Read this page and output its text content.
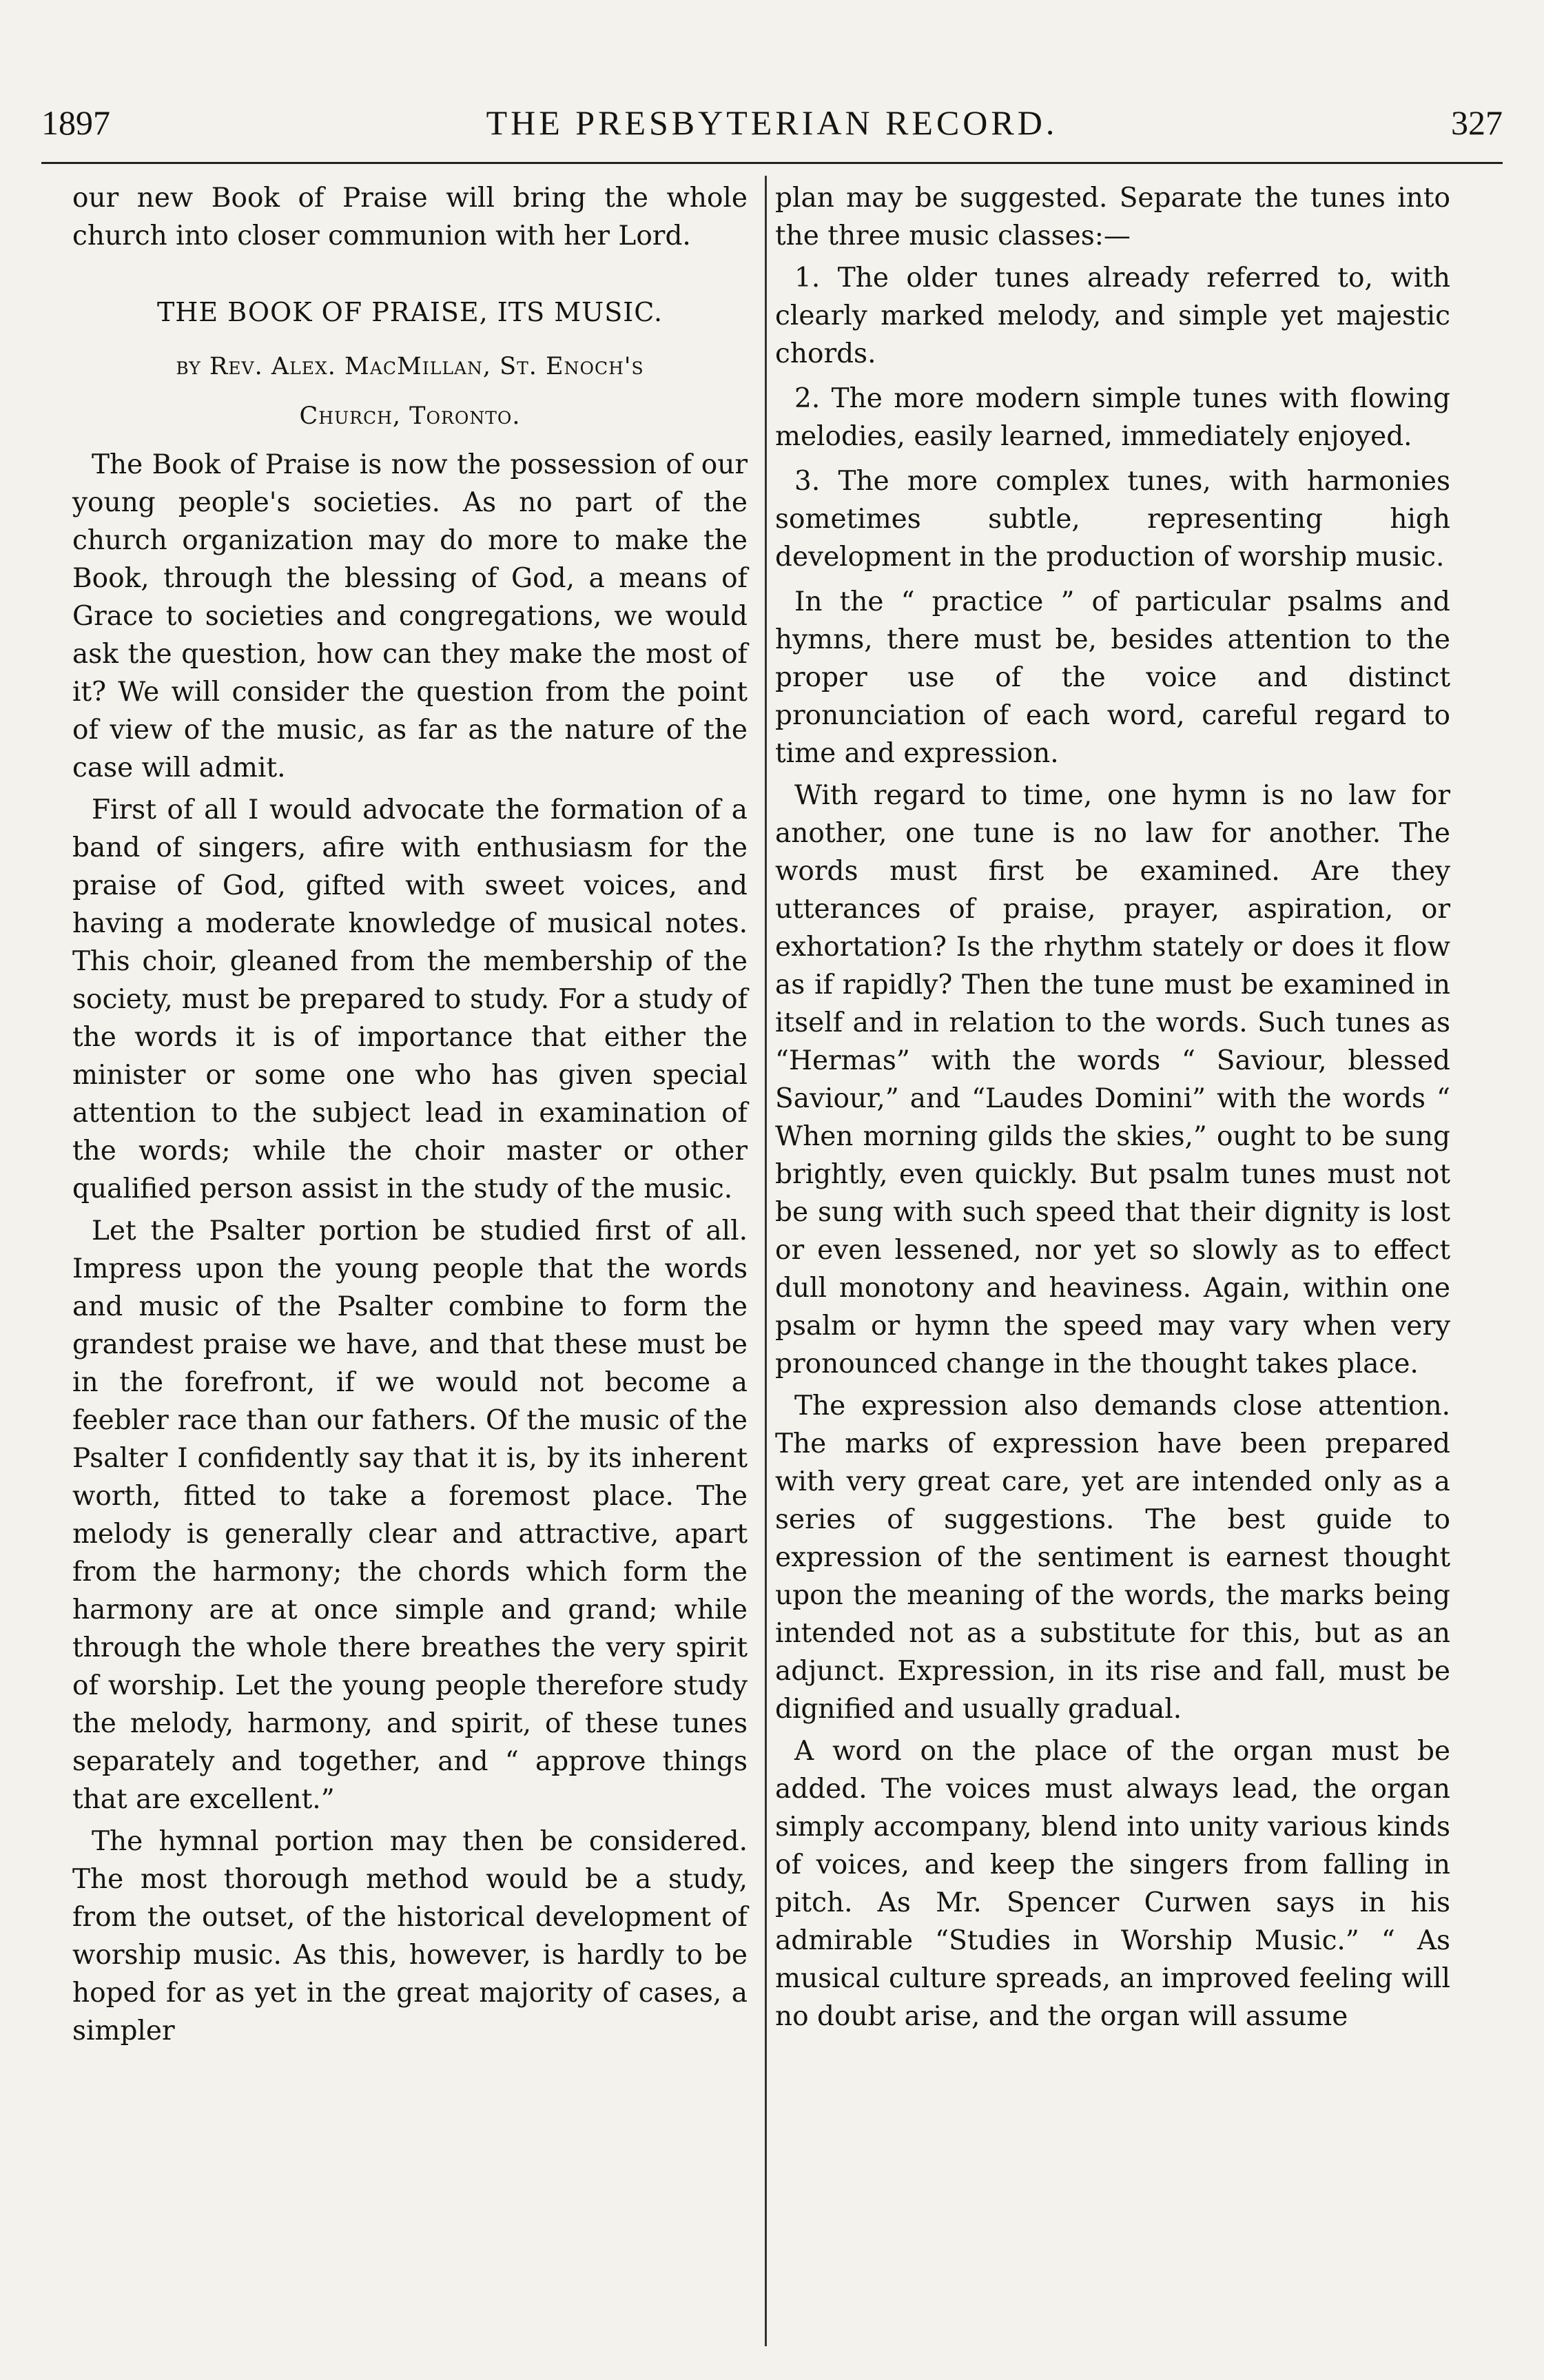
1897	THE PRESBYTERIAN RECORD.	327

our new Book of Praise will bring the whole church into closer communion with her Lord.

THE BOOK OF PRAISE, ITS MUSIC.
by Rev. Alex. MacMillan, St. Enoch's
Church, Toronto.

The Book of Praise is now the possession of our young people's societies. As no part of the church organization may do more to make the Book, through the blessing of God, a means of Grace to societies and congregations, we would ask the question, how can they make the most of it? We will consider the question from the point of view of the music, as far as the nature of the case will admit.

First of all I would advocate the formation of a band of singers, afire with enthusiasm for the praise of God, gifted with sweet voices, and having a moderate knowledge of musical notes. This choir, gleaned from the membership of the society, must be prepared to study. For a study of the words it is of importance that either the minister or some one who has given special attention to the subject lead in examination of the words; while the choir master or other qualified person assist in the study of the music.

Let the Psalter portion be studied first of all. Impress upon the young people that the words and music of the Psalter combine to form the grandest praise we have, and that these must be in the forefront, if we would not become a feebler race than our fathers. Of the music of the Psalter I confidently say that it is, by its inherent worth, fitted to take a foremost place. The melody is generally clear and attractive, apart from the harmony; the chords which form the harmony are at once simple and grand; while through the whole there breathes the very spirit of worship. Let the young people therefore study the melody, harmony, and spirit, of these tunes separately and together, and “ approve things that are excellent.”

The hymnal portion may then be considered. The most thorough method would be a study, from the outset, of the historical development of worship music. As this, however, is hardly to be hoped for as yet in the great majority of cases, a simpler

plan may be suggested. Separate the tunes into the three music classes:—

1. The older tunes already referred to, with clearly marked melody, and simple yet majestic chords.
2. The more modern simple tunes with flowing melodies, easily learned, immediately enjoyed.
3. The more complex tunes, with harmonies sometimes subtle, representing high development in the production of worship music.

In the “ practice ” of particular psalms and hymns, there must be, besides attention to the proper use of the voice and distinct pronunciation of each word, careful regard to time and expression.

With regard to time, one hymn is no law for another, one tune is no law for another. The words must first be examined. Are they utterances of praise, prayer, aspiration, or exhortation? Is the rhythm stately or does it flow as if rapidly? Then the tune must be examined in itself and in relation to the words. Such tunes as “Hermas” with the words “ Saviour, blessed Saviour,” and “Laudes Domini” with the words “ When morning gilds the skies,” ought to be sung brightly, even quickly. But psalm tunes must not be sung with such speed that their dignity is lost or even lessened, nor yet so slowly as to effect dull monotony and heaviness. Again, within one psalm or hymn the speed may vary when very pronounced change in the thought takes place.

The expression also demands close attention. The marks of expression have been prepared with very great care, yet are intended only as a series of suggestions. The best guide to expression of the sentiment is earnest thought upon the meaning of the words, the marks being intended not as a substitute for this, but as an adjunct. Expression, in its rise and fall, must be dignified and usually gradual.

A word on the place of the organ must be added. The voices must always lead, the organ simply accompany, blend into unity various kinds of voices, and keep the singers from falling in pitch. As Mr. Spencer Curwen says in his admirable “Studies in Worship Music.” “ As musical culture spreads, an improved feeling will no doubt arise, and the organ will assume
